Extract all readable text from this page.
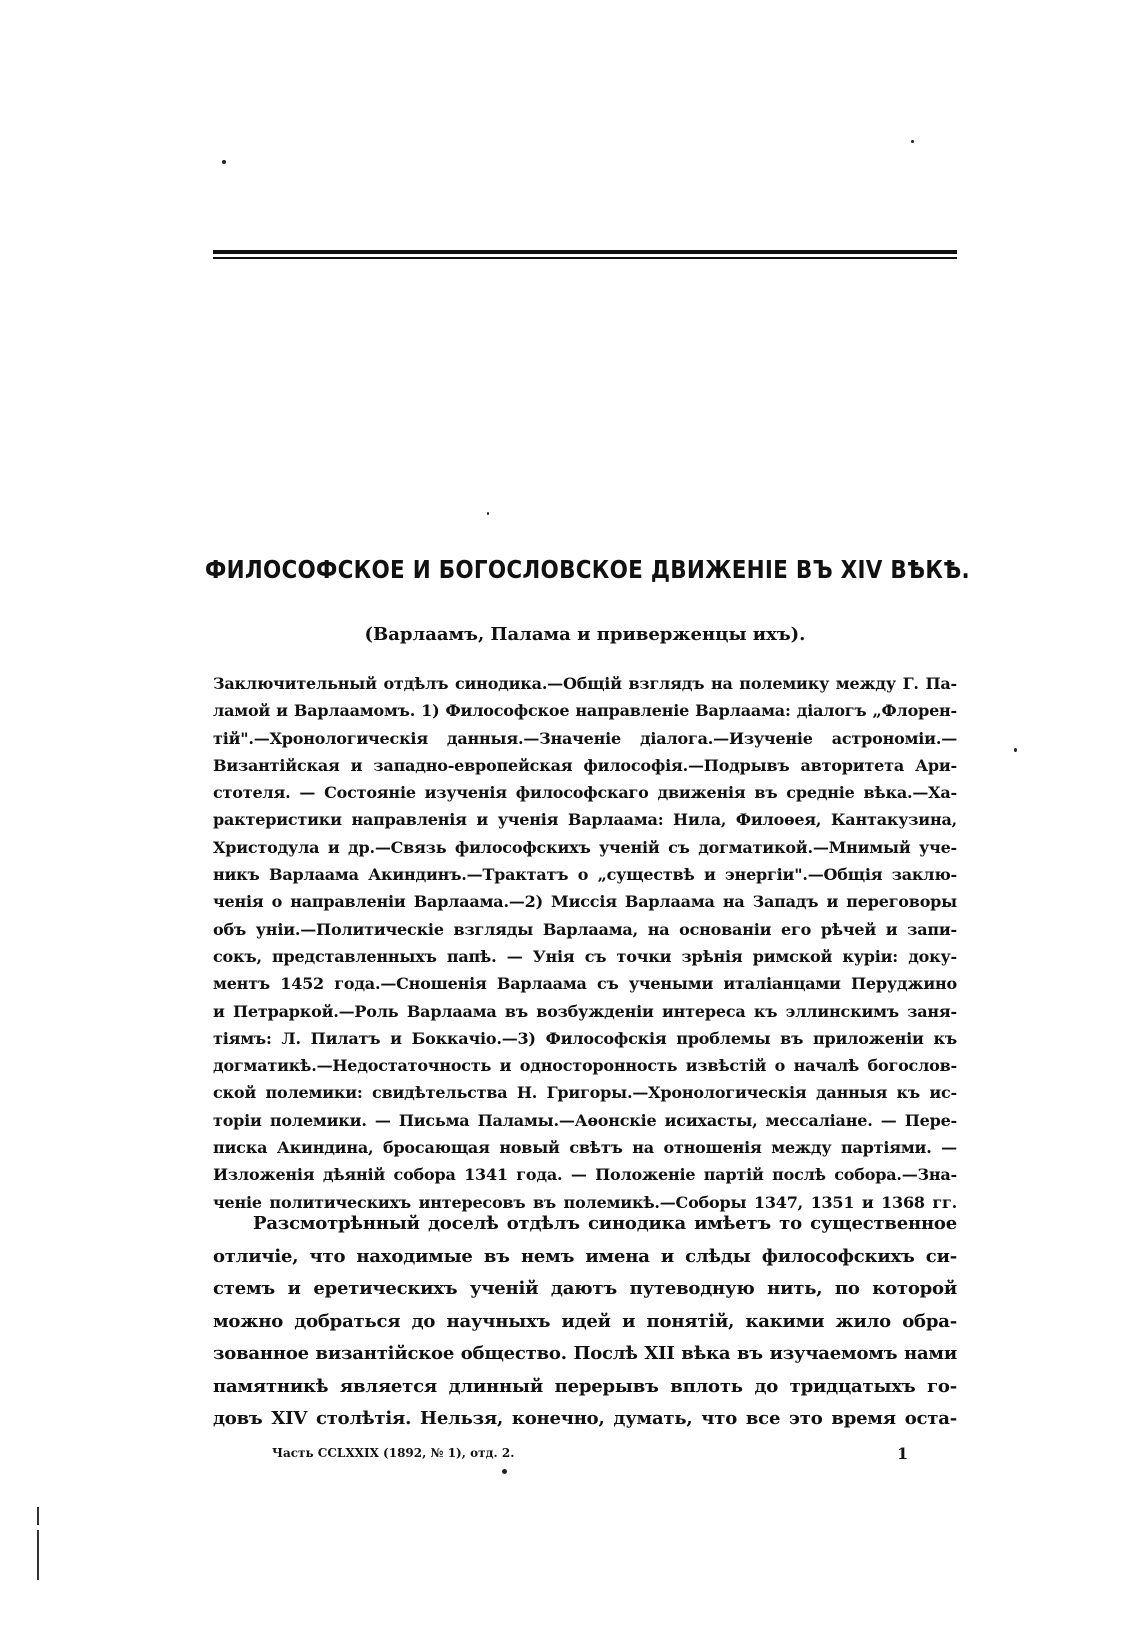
ФИЛОСОФСКОЕ И БОГОСЛОВСКОЕ ДВИЖЕНІЕ ВЪ XIV ВѢКѢ.
(Варлаамъ, Палама и приверженцы ихъ).
Заключительный отдѣлъ синодика.—Общій взглядъ на полемику между Г. Па-
ламой и Варлаамомъ. 1) Философское направленіе Варлаама: діалогъ „Флорен-
тій".—Хронологическія данныя.—Значеніе діалога.—Изученіе астрономіи.—
Византійская и западно-европейская философія.—Подрывъ авторитета Ари-
стотеля. — Состояніе изученія философскаго движенія въ средніе вѣка.—Ха-
рактеристики направленія и ученія Варлаама: Нила, Филоѳея, Кантакузина,
Христодула и др.—Связь философскихъ ученій съ догматикой.—Мнимый уче-
никъ Варлаама Акиндинъ.—Трактатъ о „существѣ и энергіи".—Общія заклю-
ченія о направленіи Варлаама.—2) Миссія Варлаама на Западъ и переговоры
объ уніи.—Политическіе взгляды Варлаама, на основаніи его рѣчей и запи-
сокъ, представленныхъ папѣ. — Унія съ точки зрѣнія римской куріи: доку-
ментъ 1452 года.—Сношенія Варлаама съ учеными италіанцами Перуджино
и Петраркой.—Роль Варлаама въ возбужденіи интереса къ эллинскимъ заня-
тіямъ: Л. Пилатъ и Боккачіо.—3) Философскія проблемы въ приложеніи къ
догматикѣ.—Недостаточность и односторонность извѣстій о началѣ богослов-
ской полемики: свидѣтельства Н. Григоры.—Хронологическія данныя къ ис-
торіи полемики. — Письма Паламы.—Аѳонскіе исихасты, мессаліане. — Пере-
писка Акиндина, бросающая новый свѣтъ на отношенія между партіями. —
Изложенія дѣяній собора 1341 года. — Положеніе партій послѣ собора.—Зна-
ченіе политическихъ интересовъ въ полемикѣ.—Соборы 1347, 1351 и 1368 гг.
Разсмотрѣнный доселѣ отдѣлъ синодика имѣетъ то существенное
отличіе, что находимые въ немъ имена и слѣды философскихъ си-
стемъ и еретическихъ ученій даютъ путеводную нить, по которой
можно добраться до научныхъ идей и понятій, какими жило обра-
зованное византійское общество. Послѣ XII вѣка въ изучаемомъ нами
памятникѣ является длинный перерывъ вплоть до тридцатыхъ го-
довъ XIV столѣтія. Нельзя, конечно, думать, что все это время оста-
Часть CCLXXIX (1892, № 1), отд. 2.	1
